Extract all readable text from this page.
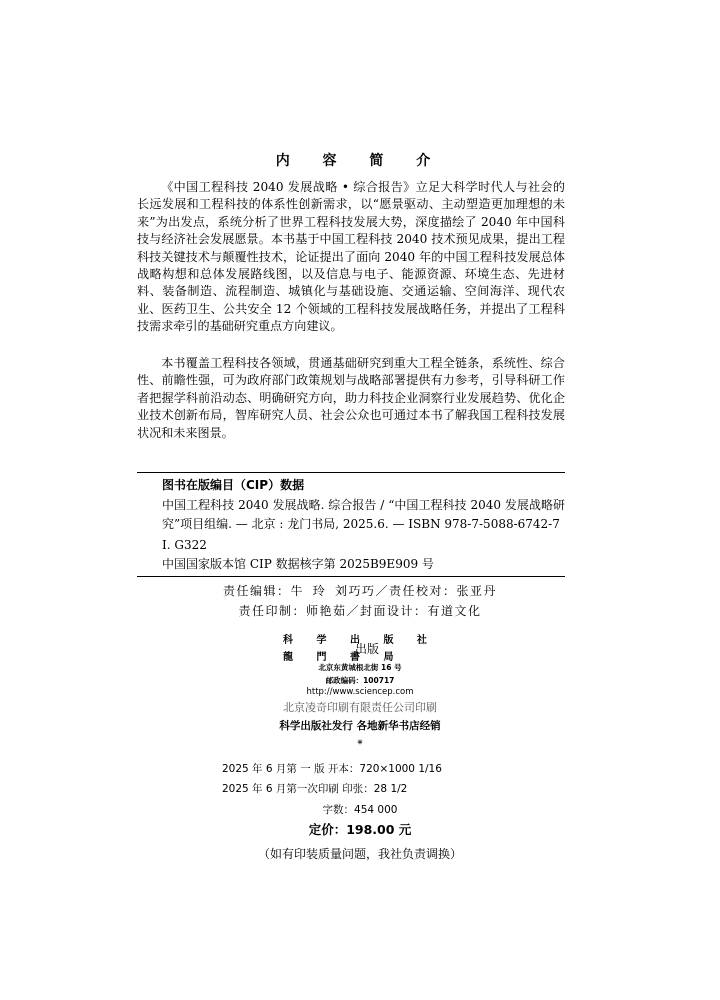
内 容 简 介

《中国工程科技 2040 发展战略 • 综合报告》立足大科学时代人与社会的长远发展和工程科技的体系性创新需求，以“愿景驱动、主动塑造更加理想的未来”为出发点，系统分析了世界工程科技发展大势，深度描绘了 2040 年中国科技与经济社会发展愿景。本书基于中国工程科技 2040 技术预见成果，提出工程科技关键技术与颠覆性技术，论证提出了面向 2040 年的中国工程科技发展总体战略构想和总体发展路线图，以及信息与电子、能源资源、环境生态、先进材料、装备制造、流程制造、城镇化与基础设施、交通运输、空间海洋、现代农业、医药卫生、公共安全 12 个领域的工程科技发展战略任务，并提出了工程科技需求牵引的基础研究重点方向建议。

本书覆盖工程科技各领域，贯通基础研究到重大工程全链条，系统性、综合性、前瞻性强，可为政府部门政策规划与战略部署提供有力参考，引导科研工作者把握学科前沿动态、明确研究方向，助力科技企业洞察行业发展趋势、优化企业技术创新布局，智库研究人员、社会公众也可通过本书了解我国工程科技发展状况和未来图景。

图书在版编目（CIP）数据
中国工程科技 2040 发展战略. 综合报告 / “中国工程科技 2040 发展战略研究”项目组编. — 北京 : 龙门书局, 2025.6. — ISBN 978-7-5088-6742-7
Ⅰ. G322
中国国家版本馆 CIP 数据核字第 2025B9E909 号
责任编辑：牛 玲 刘巧巧／责任校对：张亚丹
责任印制：师艳茹／封面设计：有道文化
科 学 出 版 社
龍 門 書 局
出版
北京东黄城根北街 16 号
邮政编码：100717
http://www.sciencep.com
北京凌奇印刷有限责任公司印刷
科学出版社发行 各地新华书店经销
*
2025 年 6 月第 一 版 开本：720×1000 1/16
2025 年 6 月第一次印刷 印张：28 1/2
字数：454 000
定价：198.00 元
（如有印装质量问题，我社负责调换）
